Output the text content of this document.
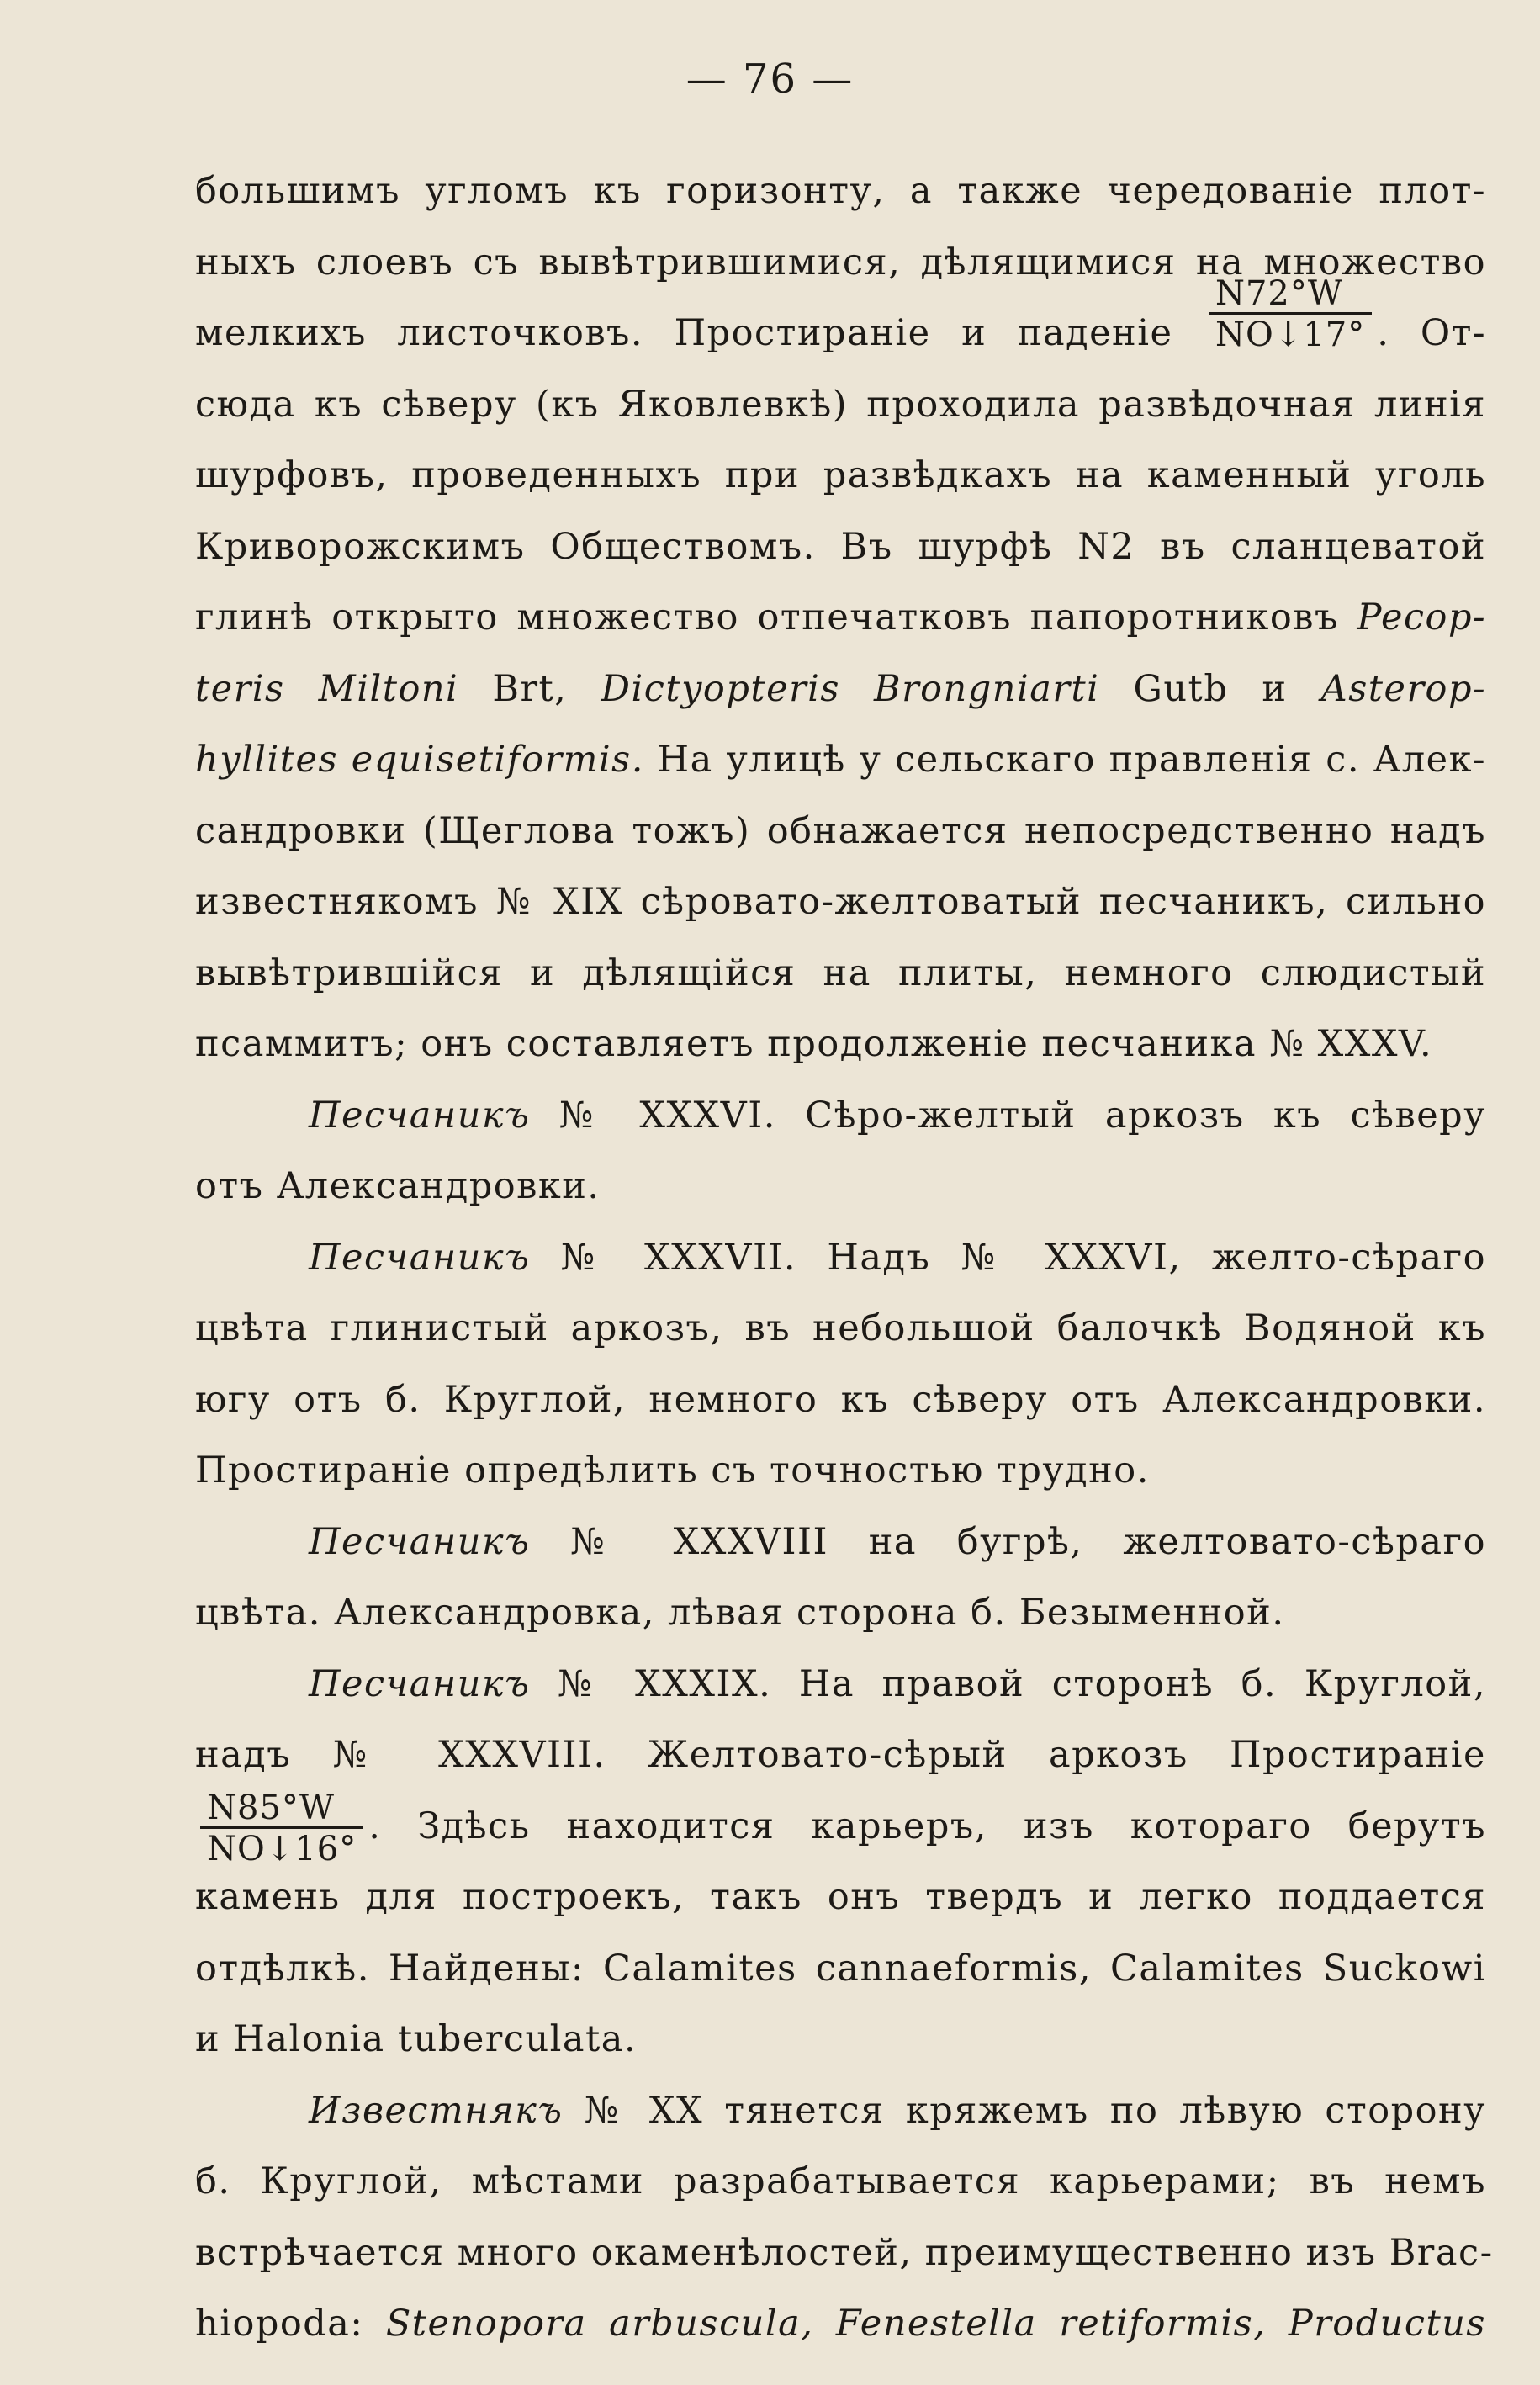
— 76 —
большимъ угломъ къ горизонту, а также чередованіе плот-
ныхъ слоевъ съ вывѣтрившимися, дѣлящимися на множество
мелкихъ листочковъ. Простираніе и паденіе $\frac{N72^\circ W}{NO↓17^\circ}$ . От-
сюда къ сѣверу (къ Яковлевкѣ) проходила развѣдочная линія
шурфовъ, проведенныхъ при развѣдкахъ на каменный уголь
Криворожскимъ Обществомъ. Въ шурфѣ N2 въ сланцеватой
глинѣ открыто множество отпечатковъ папоротниковъ Pecop-
teris Miltoni Brt, Dictyopteris Brongniarti Gutb и Asterop-
hyllites equisetiformis. На улицѣ у сельскаго правленія с. Алек-
сандровки (Щеглова тожъ) обнажается непосредственно надъ
известнякомъ № XIX сѣровато-желтоватый песчаникъ, сильно
вывѣтрившійся и дѣлящійся на плиты, немного слюдистый
псаммитъ; онъ составляетъ продолженіе песчаника № XXXV.
Песчаникъ № XXXVI. Сѣро-желтый аркозъ къ сѣверу
отъ Александровки.
Песчаникъ № XXXVII. Надъ № XXXVI, желто-сѣраго
цвѣта глинистый аркозъ, въ небольшой балочкѣ Водяной къ
югу отъ б. Круглой, немного къ сѣверу отъ Александровки.
Простираніе опредѣлить съ точностью трудно.
Песчаникъ № XXXVIII на бугрѣ, желтовато-сѣраго
цвѣта. Александровка, лѣвая сторона б. Безыменной.
Песчаникъ № XXXIX. На правой сторонѣ б. Круглой,
надъ № XXXVIII. Желтовато-сѣрый аркозъ Простираніе
$\frac{N85^\circ W}{NO↓16^\circ}$ . Здѣсь находится карьеръ, изъ котораго берутъ
камень для построекъ, такъ онъ твердъ и легко поддается
отдѣлкѣ. Найдены: Calamites cannaeformis, Calamites Suckowi
и Halonia tuberculata.
Известнякъ № XX тянется кряжемъ по лѣвую сторону
б. Круглой, мѣстами разрабатывается карьерами; въ немъ
встрѣчается много окаменѣлостей, преимущественно изъ Brac-
hiopoda: Stenopora arbuscula, Fenestella retiformis, Productus
